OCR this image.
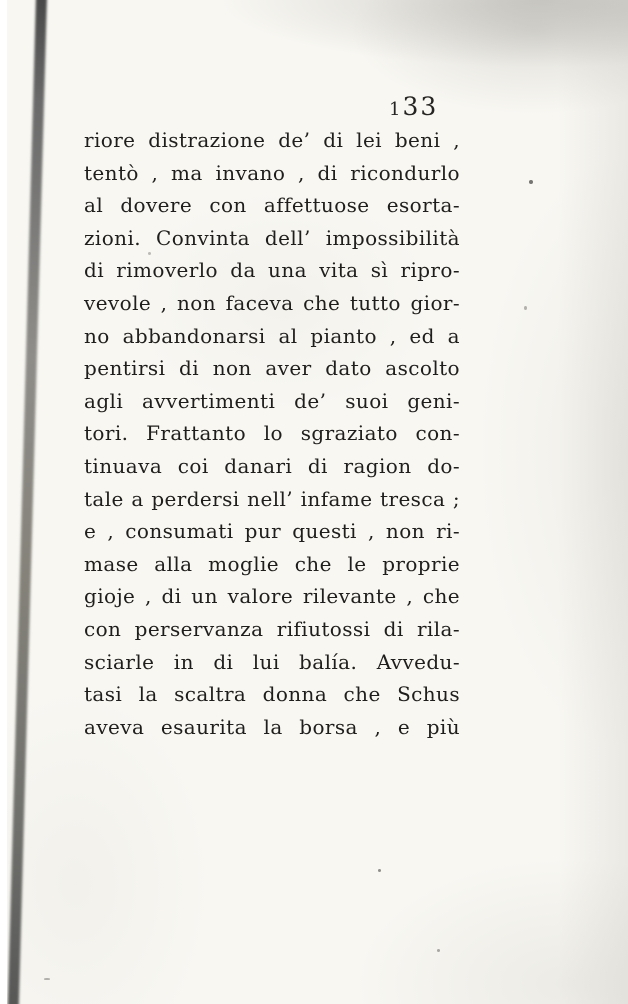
133
riore distrazione de’ di lei beni ,
tentò , ma invano , di ricondurlo
al dovere con affettuose esorta-
zioni. Convinta dell’ impossibilità
di rimoverlo da una vita sì ripro-
vevole , non faceva che tutto gior-
no abbandonarsi al pianto , ed a
pentirsi di non aver dato ascolto
agli avvertimenti de’ suoi geni-
tori. Frattanto lo sgraziato con-
tinuava coi danari di ragion do-
tale a perdersi nell’ infame tresca ;
e , consumati pur questi , non ri-
mase alla moglie che le proprie
gioje , di un valore rilevante , che
con perservanza rifiutossi di rila-
sciarle in di lui balía. Avvedu-
tasi la scaltra donna che Schus
aveva esaurita la borsa , e più
